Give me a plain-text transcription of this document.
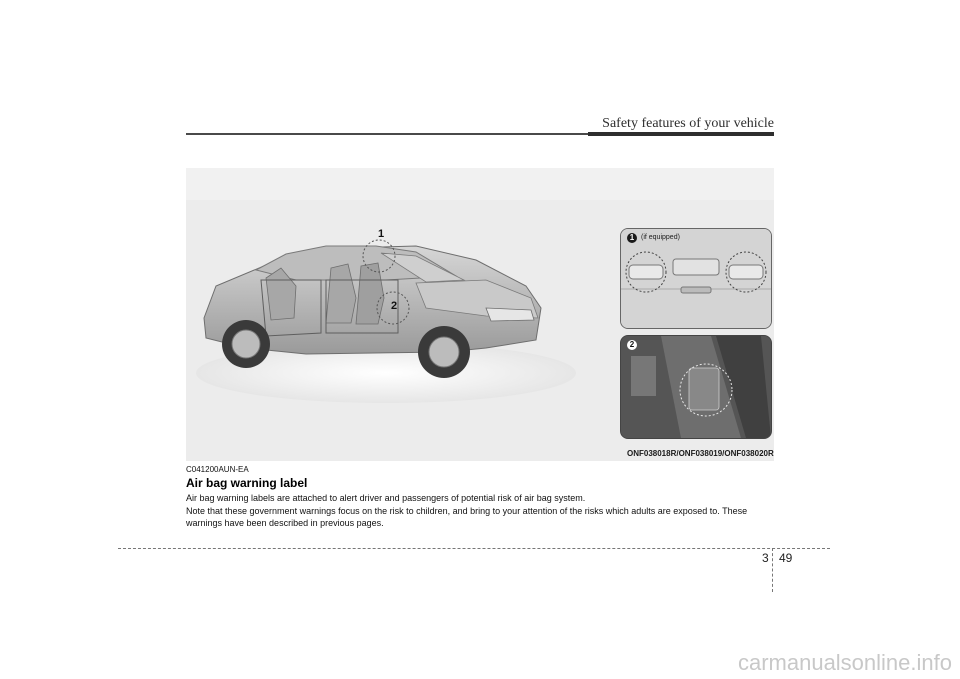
Safety features of your vehicle
1
2
1 (if equipped)
2
ONF038018R/ONF038019/ONF038020R
C041200AUN-EA
Air bag warning label

Air bag warning labels are attached to alert driver and passengers of potential risk of air bag system.

Note that these government warnings focus on the risk to children, and bring to your attention of the risks which adults are exposed to. These warnings have been described in previous pages.

3 49
carmanualsonline.info
